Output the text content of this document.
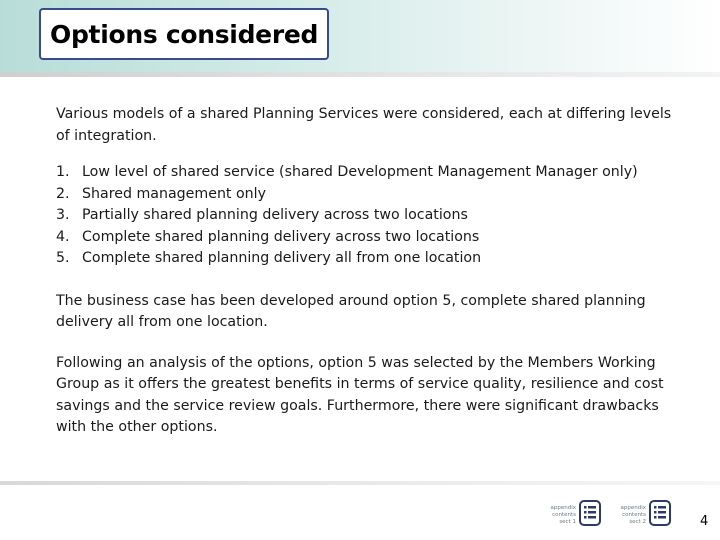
Options considered

Various models of a shared Planning Services were considered, each at differing levels of integration.

1. Low level of shared service (shared Development Management Manager only)
2. Shared management only
3. Partially shared planning delivery across two locations
4. Complete shared planning delivery across two locations
5. Complete shared planning delivery all from one location

The business case has been developed around option 5, complete shared planning delivery all from one location.

Following an analysis of the options, option 5 was selected by the Members Working Group as it offers the greatest benefits in terms of service quality, resilience and cost savings and the service review goals. Furthermore, there were significant drawbacks with the other options.

appendix
contents
sect 1
appendix
contents
sect 2	4
